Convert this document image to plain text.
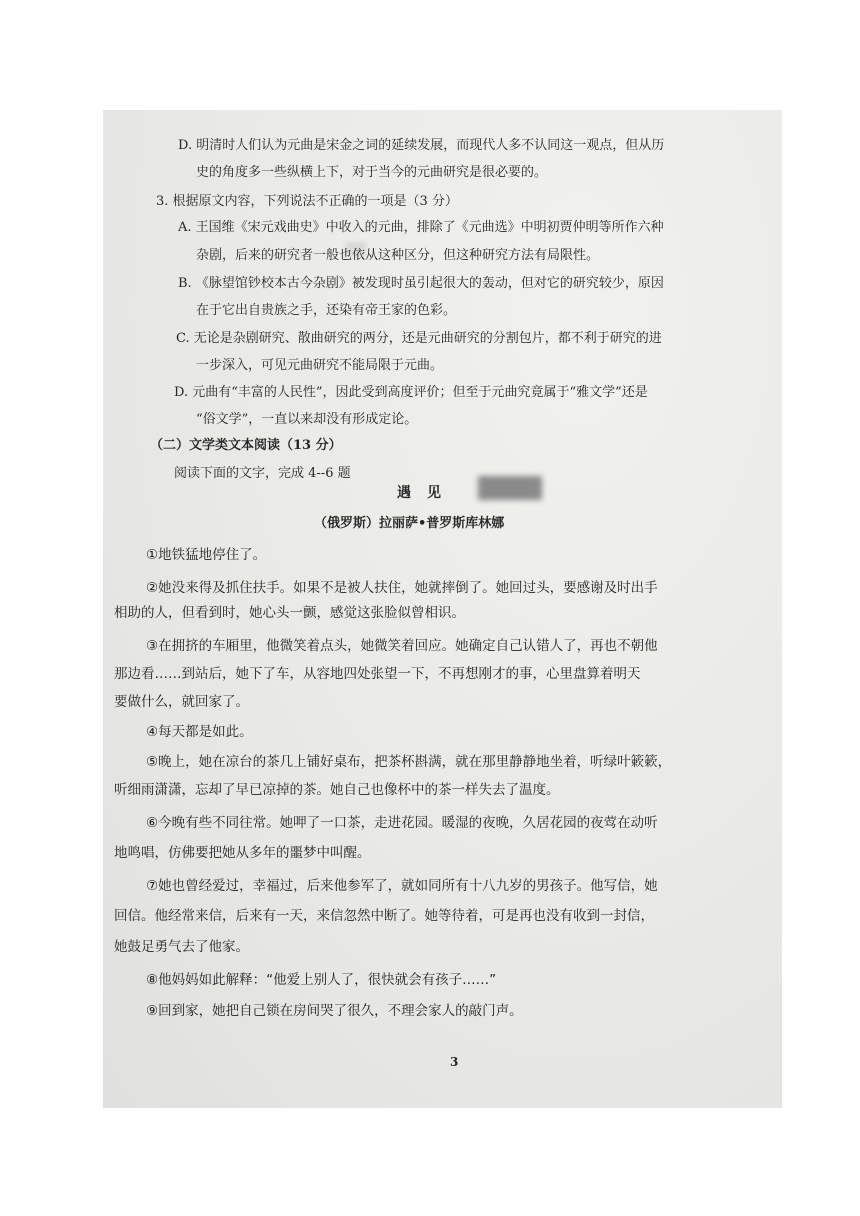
D. 明清时人们认为元曲是宋金之词的延续发展，而现代人多不认同这一观点，但从历
史的角度多一些纵横上下，对于当今的元曲研究是很必要的。
3. 根据原文内容，下列说法不正确的一项是（3 分）
A. 王国维《宋元戏曲史》中收入的元曲，排除了《元曲选》中明初贾仲明等所作六种
杂剧，后来的研究者一般也依从这种区分，但这种研究方法有局限性。
B. 《脉望馆钞校本古今杂剧》被发现时虽引起很大的轰动，但对它的研究较少，原因
在于它出自贵族之手，还染有帝王家的色彩。
C. 无论是杂剧研究、散曲研究的两分，还是元曲研究的分割包片，都不利于研究的进
一步深入，可见元曲研究不能局限于元曲。
D. 元曲有“丰富的人民性”，因此受到高度评价；但至于元曲究竟属于“雅文学”还是
“俗文学”，一直以来却没有形成定论。
（二）文学类文本阅读（13 分）
阅读下面的文字，完成 4--6 题
遇　见
（俄罗斯）拉丽萨•普罗斯库林娜
①地铁猛地停住了。
②她没来得及抓住扶手。如果不是被人扶住，她就摔倒了。她回过头，要感谢及时出手
相助的人，但看到时，她心头一颤，感觉这张脸似曾相识。
③在拥挤的车厢里，他微笑着点头，她微笑着回应。她确定自己认错人了，再也不朝他
那边看……到站后，她下了车，从容地四处张望一下，不再想刚才的事，心里盘算着明天
要做什么，就回家了。
④每天都是如此。
⑤晚上，她在凉台的茶几上铺好桌布，把茶杯斟满，就在那里静静地坐着，听绿叶簌簌，
听细雨潇潇，忘却了早已凉掉的茶。她自己也像杯中的茶一样失去了温度。
⑥今晚有些不同往常。她呷了一口茶，走进花园。暖湿的夜晚，久居花园的夜莺在动听
地鸣唱，仿佛要把她从多年的噩梦中叫醒。
⑦她也曾经爱过，幸福过，后来他参军了，就如同所有十八九岁的男孩子。他写信，她
回信。他经常来信，后来有一天，来信忽然中断了。她等待着，可是再也没有收到一封信，
她鼓足勇气去了他家。
⑧他妈妈如此解释：“他爱上别人了，很快就会有孩子……”
⑨回到家，她把自己锁在房间哭了很久，不理会家人的敲门声。
3
